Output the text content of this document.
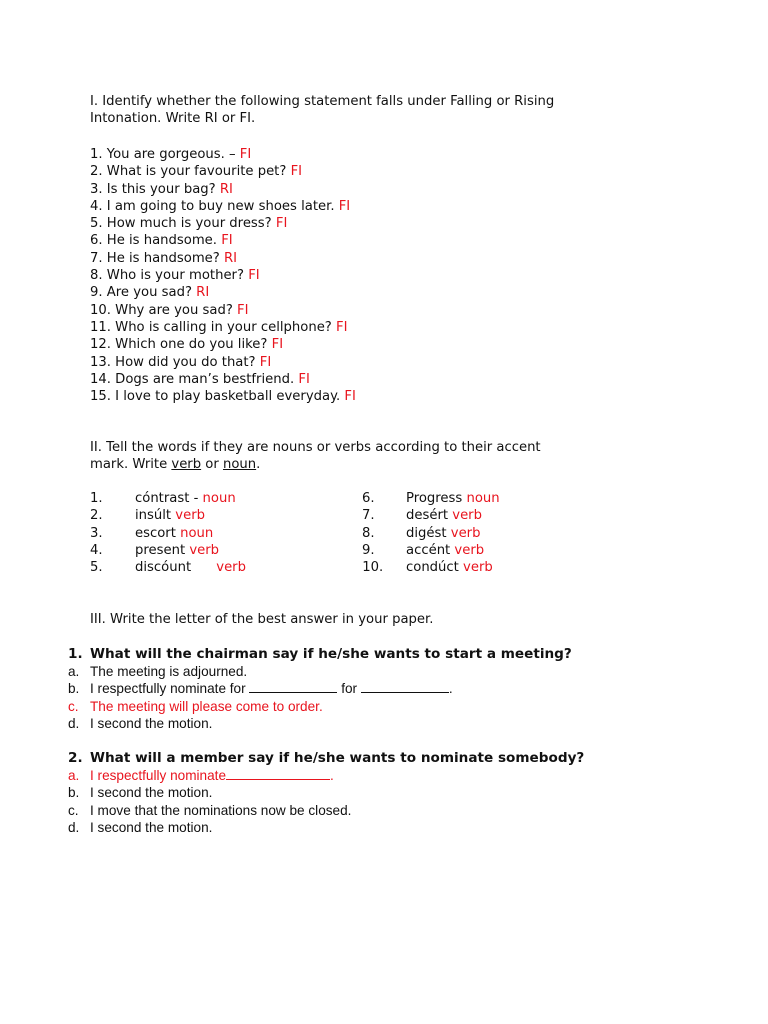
I. Identify whether the following statement falls under Falling or Rising
Intonation. Write RI or FI.
1. You are gorgeous. – FI
2. What is your favourite pet? FI
3. Is this your bag? RI
4. I am going to buy new shoes later. FI
5. How much is your dress? FI
6. He is handsome. FI
7. He is handsome? RI
8. Who is your mother? FI
9. Are you sad? RI
10. Why are you sad? FI
11. Who is calling in your cellphone? FI
12. Which one do you like? FI
13. How did you do that? FI
14. Dogs are man’s bestfriend. FI
15. I love to play basketball everyday. FI
II. Tell the words if they are nouns or verbs according to their accent
mark. Write verb or noun.
1. cóntrast - noun	6. Progress noun
2. insúlt verb	7. desért verb
3. escort noun	8. digést verb
4. present verb	9. accént verb
5. discóunt      verb	10. condúct verb
III. Write the letter of the best answer in your paper.
1. What will the chairman say if he/she wants to start a meeting?
a. The meeting is adjourned.
b. I respectfully nominate for	for	.
c. The meeting will please come to order.
d. I second the motion.
2. What will a member say if he/she wants to nominate somebody?
a. I respectfully nominate	.
b. I second the motion.
c. I move that the nominations now be closed.
d. I second the motion.
